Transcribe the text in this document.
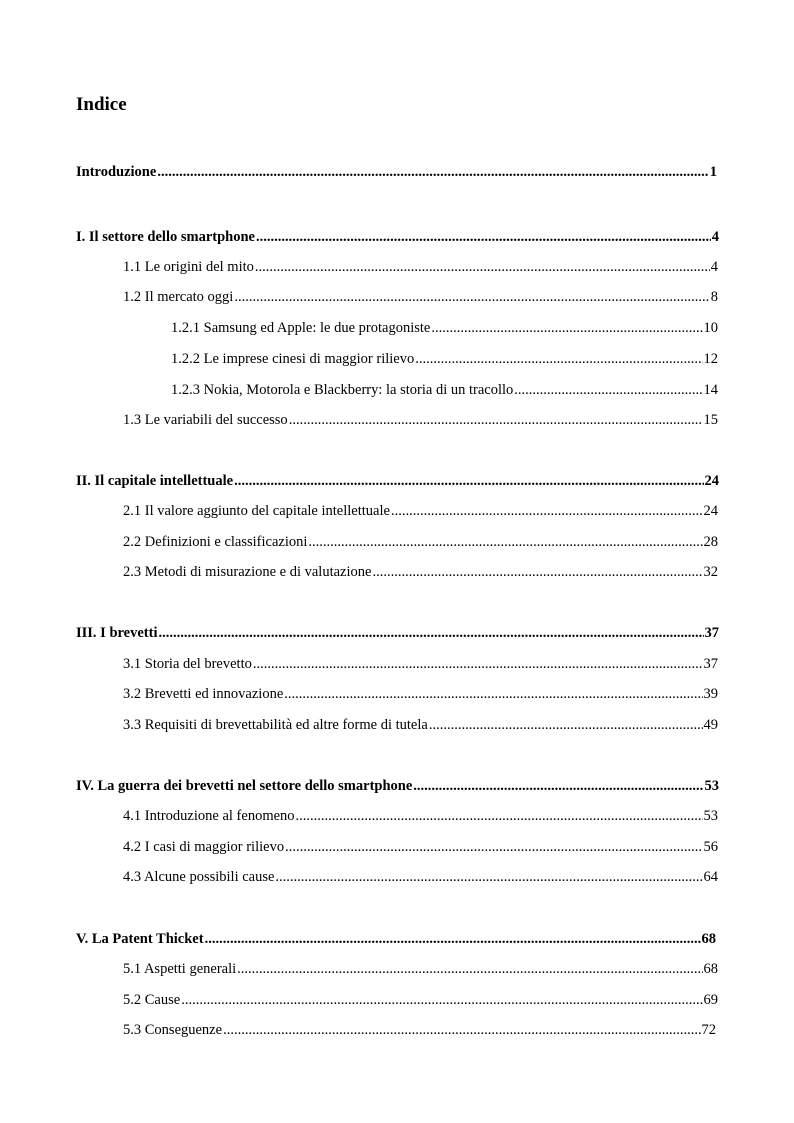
Indice
Introduzione .....	1
I. Il settore dello smartphone .....	4
1.1 Le origini del mito .....	4
1.2 Il mercato oggi .....	8
1.2.1 Samsung ed Apple: le due protagoniste .....	10
1.2.2 Le imprese cinesi di maggior rilievo .....	12
1.2.3 Nokia, Motorola e Blackberry: la storia di un tracollo .....	14
1.3 Le variabili del successo .....	15
II. Il capitale intellettuale .....	24
2.1 Il valore aggiunto del capitale intellettuale .....	24
2.2 Definizioni e classificazioni .....	28
2.3 Metodi di misurazione e di valutazione .....	32
III. I brevetti .....	37
3.1 Storia del brevetto .....	37
3.2 Brevetti ed innovazione .....	39
3.3 Requisiti di brevettabilità ed altre forme di tutela .....	49
IV. La guerra dei brevetti nel settore dello smartphone .....	53
4.1 Introduzione al fenomeno .....	53
4.2 I casi di maggior rilievo .....	56
4.3 Alcune possibili cause .....	64
V. La Patent Thicket .....	68
5.1 Aspetti generali .....	68
5.2 Cause .....	69
5.3 Conseguenze .....	72
